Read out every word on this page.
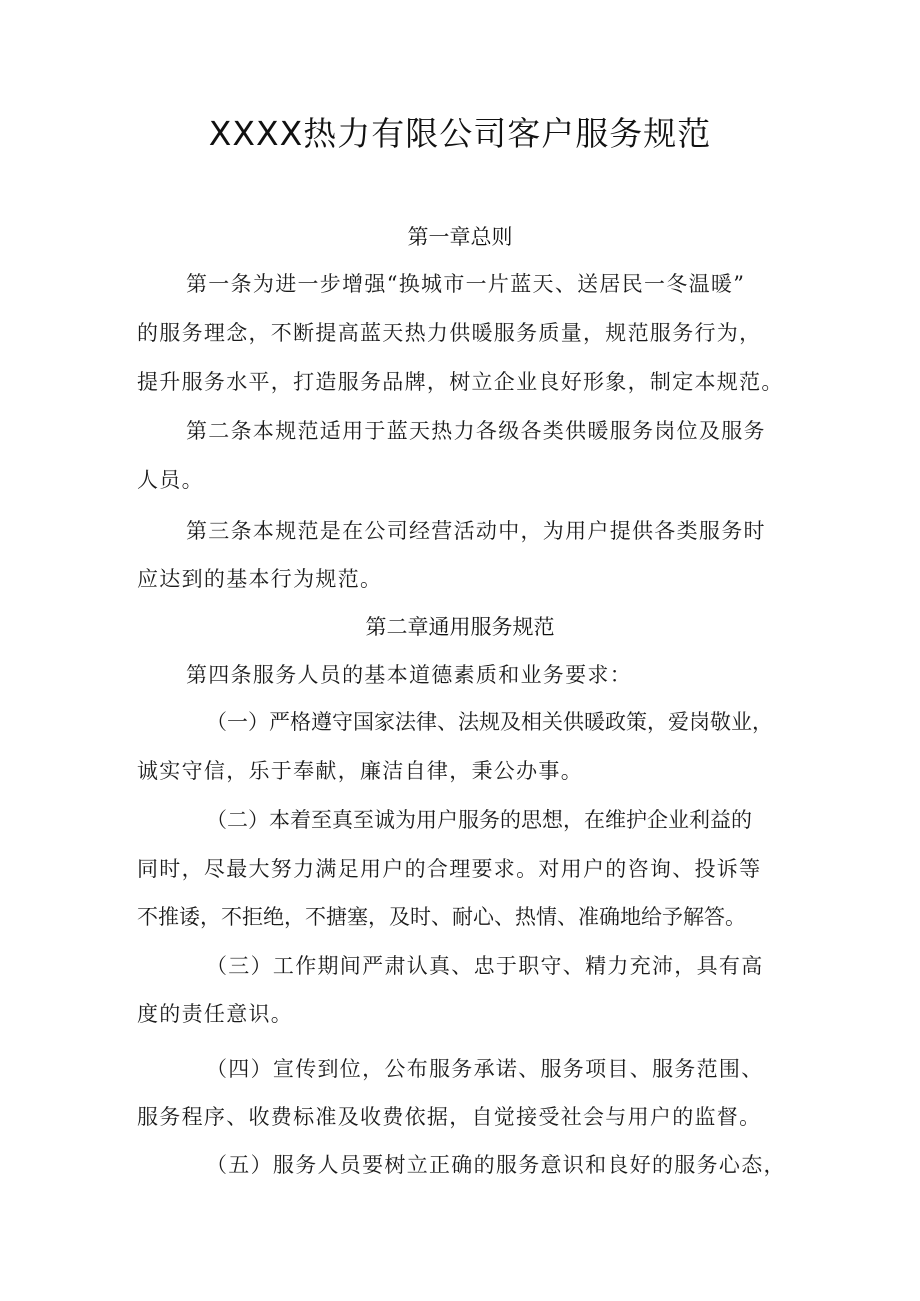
XXXX热力有限公司客户服务规范
第一章总则
第一条为进一步增强“换城市一片蓝天、送居民一冬温暖”
的服务理念，不断提高蓝天热力供暖服务质量，规范服务行为，
提升服务水平，打造服务品牌，树立企业良好形象，制定本规范。
第二条本规范适用于蓝天热力各级各类供暖服务岗位及服务
人员。
第三条本规范是在公司经营活动中，为用户提供各类服务时
应达到的基本行为规范。
第二章通用服务规范
第四条服务人员的基本道德素质和业务要求：
（一）严格遵守国家法律、法规及相关供暖政策，爱岗敬业，
诚实守信，乐于奉献，廉洁自律，秉公办事。
（二）本着至真至诚为用户服务的思想，在维护企业利益的
同时，尽最大努力满足用户的合理要求。对用户的咨询、投诉等
不推诿，不拒绝，不搪塞，及时、耐心、热情、准确地给予解答。
（三）工作期间严肃认真、忠于职守、精力充沛，具有高
度的责任意识。
（四）宣传到位，公布服务承诺、服务项目、服务范围、
服务程序、收费标准及收费依据，自觉接受社会与用户的监督。
（五）服务人员要树立正确的服务意识和良好的服务心态，
